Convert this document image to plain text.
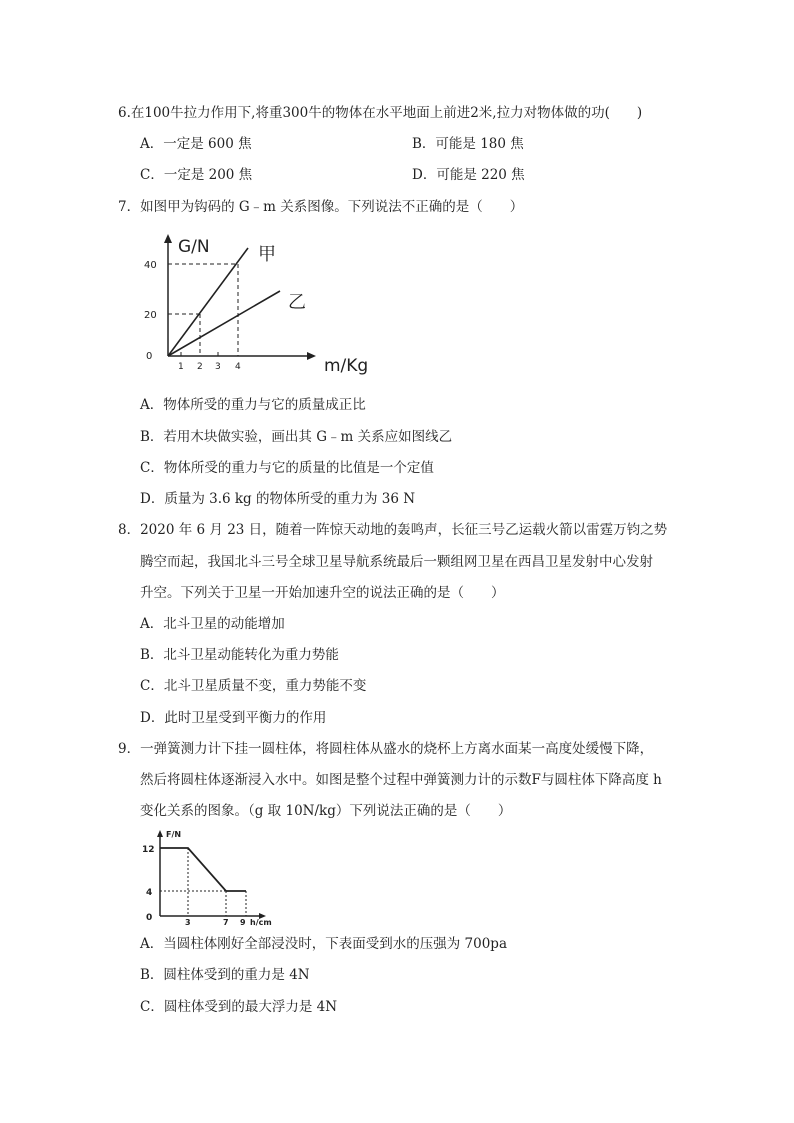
6.在100牛拉力作用下,将重300牛的物体在水平地面上前进2米,拉力对物体做的功(　　)
A．一定是 600 焦	B．可能是 180 焦
C．一定是 200 焦	D．可能是 220 焦
7．如图甲为钩码的 G﹣m 关系图像。下列说法不正确的是（　　）
G/N
m/Kg
甲
乙
40
20
0
1 2 3 4
A．物体所受的重力与它的质量成正比
B．若用木块做实验，画出其 G﹣m 关系应如图线乙
C．物体所受的重力与它的质量的比值是一个定值
D．质量为 3.6 kg 的物体所受的重力为 36 N
8．2020 年 6 月 23 日，随着一阵惊天动地的轰鸣声，长征三号乙运载火箭以雷霆万钧之势
腾空而起，我国北斗三号全球卫星导航系统最后一颗组网卫星在西昌卫星发射中心发射
升空。下列关于卫星一开始加速升空的说法正确的是（　　）
A．北斗卫星的动能增加
B．北斗卫星动能转化为重力势能
C．北斗卫星质量不变，重力势能不变
D．此时卫星受到平衡力的作用
9．一弹簧测力计下挂一圆柱体，将圆柱体从盛水的烧杯上方离水面某一高度处缓慢下降，
然后将圆柱体逐渐浸入水中。如图是整个过程中弹簧测力计的示数F与圆柱体下降高度 h
变化关系的图象。（g 取 10N/kg）下列说法正确的是（　　）
F/N
h/cm
12
4
0	3	7 9
A．当圆柱体刚好全部浸没时，下表面受到水的压强为 700pa
B．圆柱体受到的重力是 4N
C．圆柱体受到的最大浮力是 4N
